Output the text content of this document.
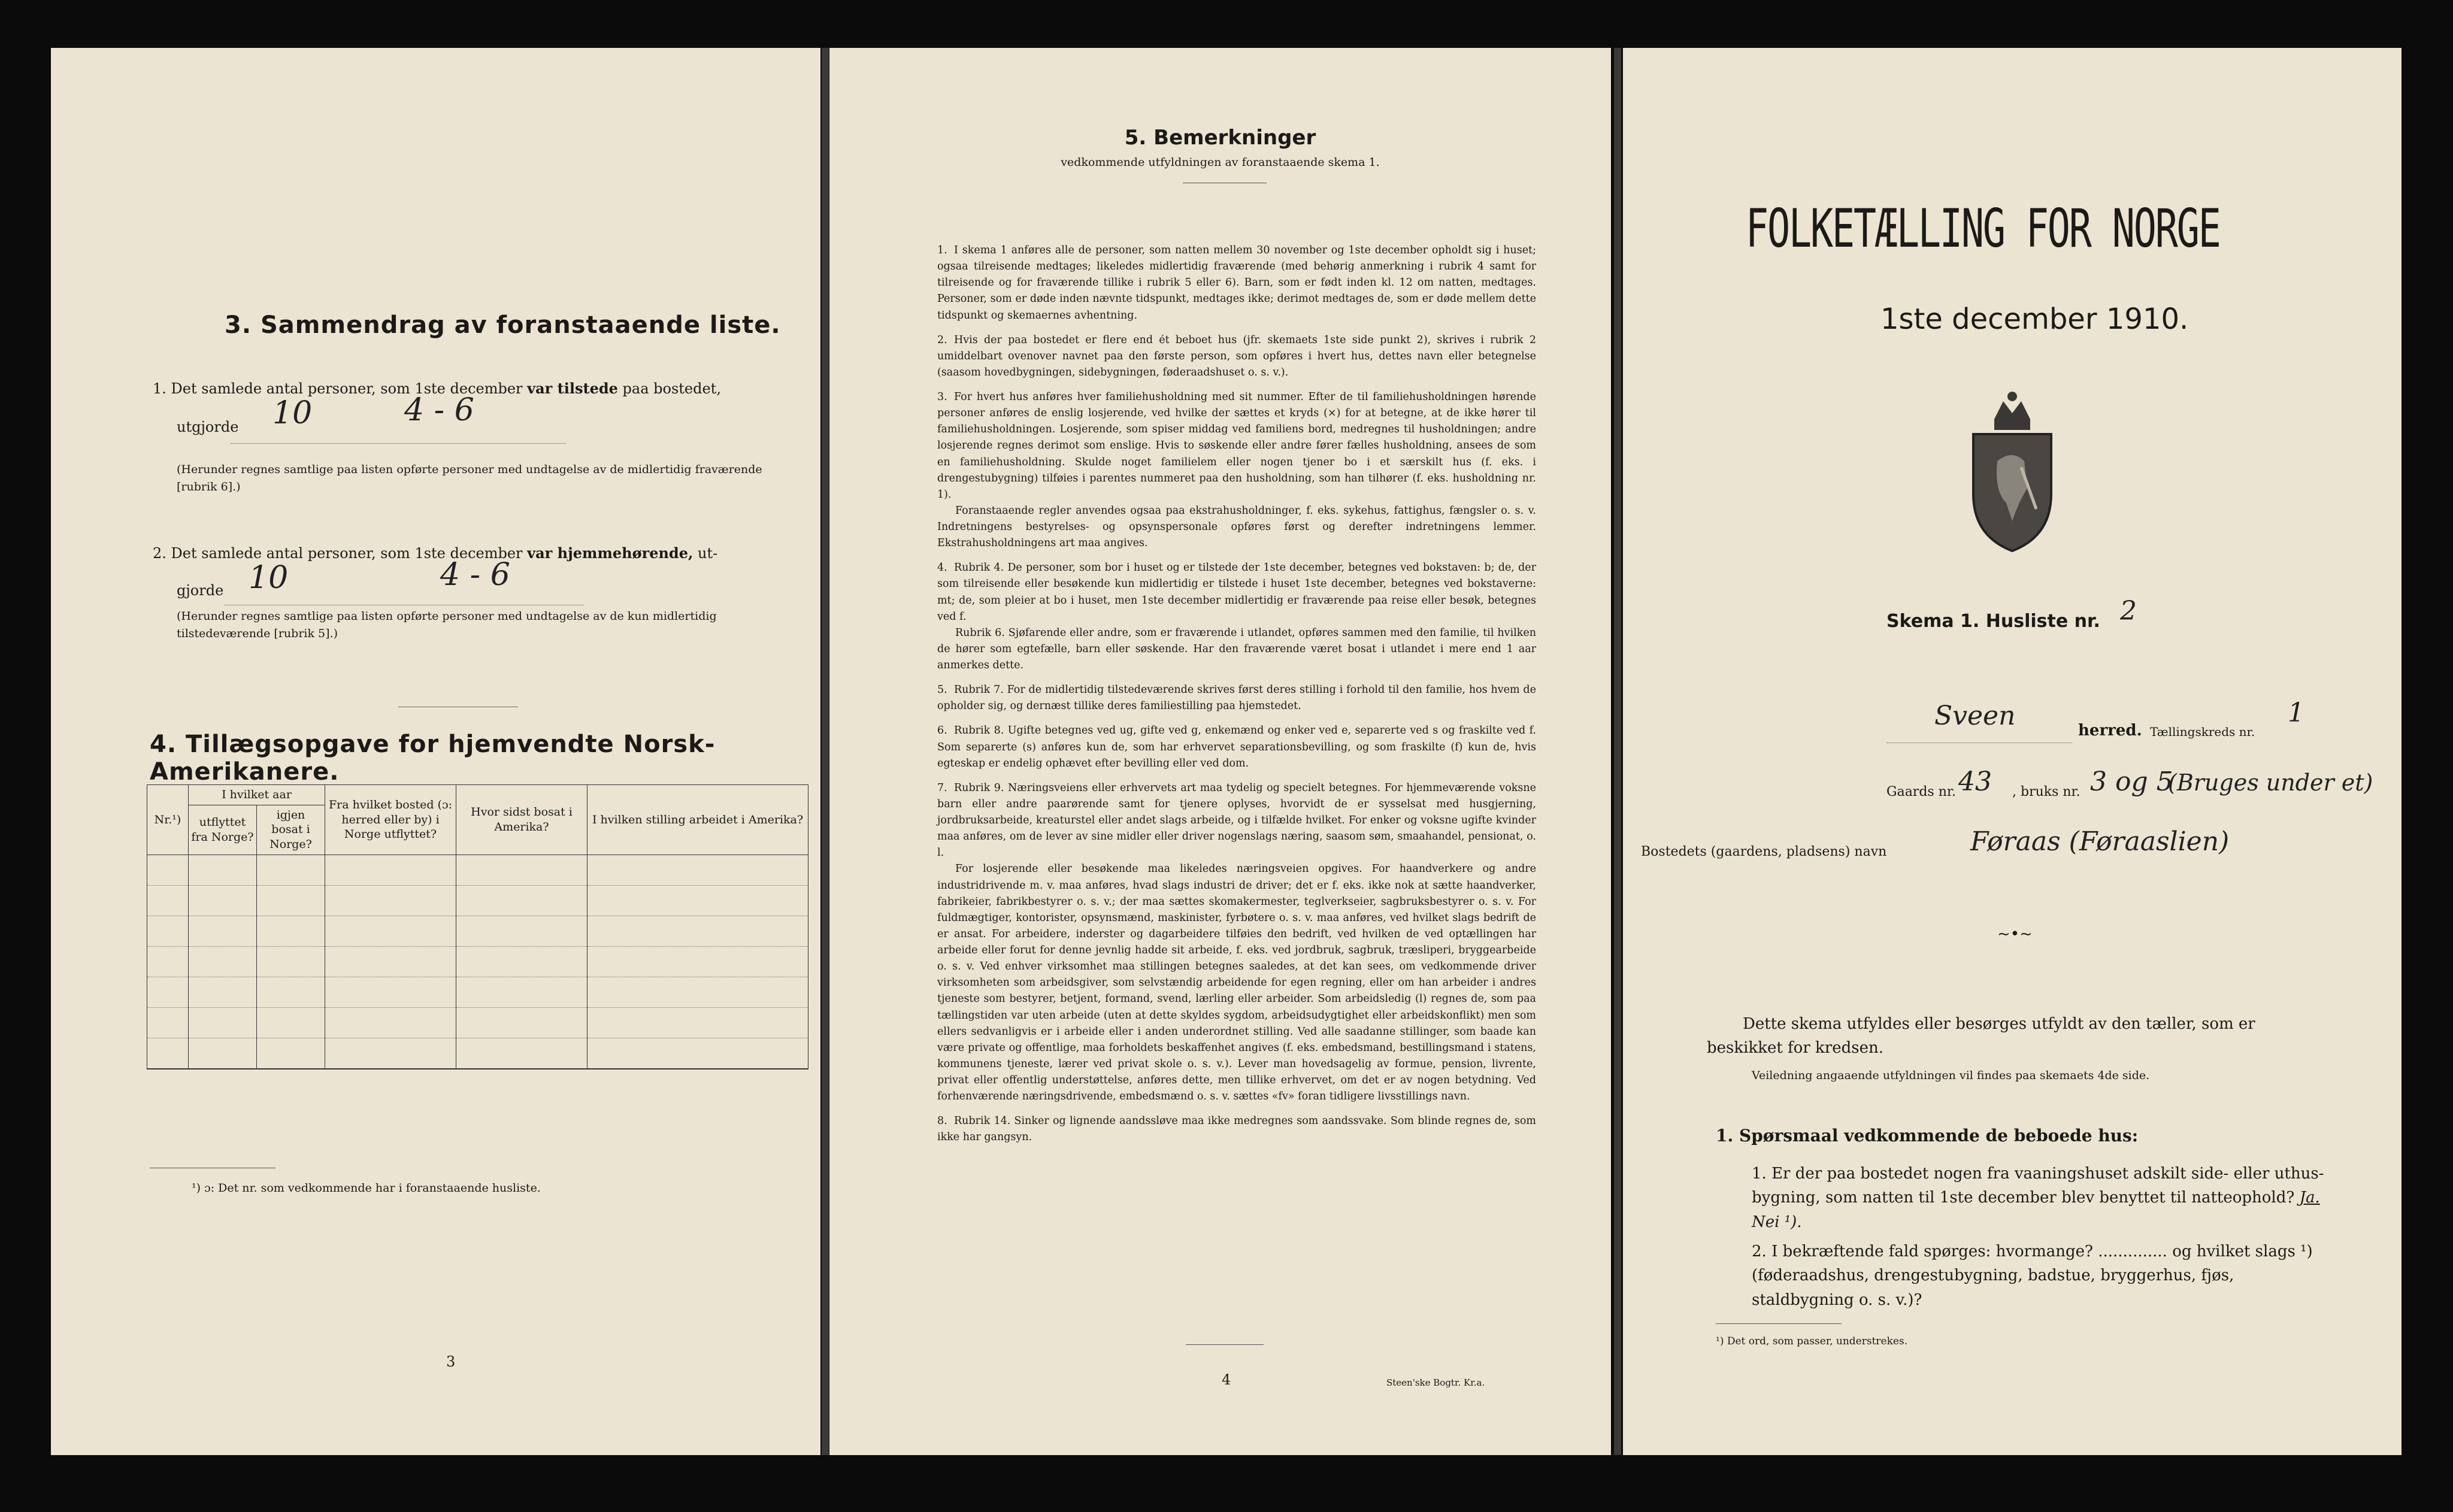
3. Sammendrag av foranstaaende liste.
1. Det samlede antal personer, som 1ste december var tilstede paa bostedet,
utgjorde 10	4 - 6
(Herunder regnes samtlige paa listen opførte personer med undtagelse av de midlertidig fraværende [rubrik 6].)
2. Det samlede antal personer, som 1ste december var hjemmehørende, ut-
gjorde 10	4 - 6
(Herunder regnes samtlige paa listen opførte personer med undtagelse av de kun midlertidig tilstedeværende [rubrik 5].)
4. Tillægsopgave for hjemvendte Norsk-Amerikanere.
Nr.¹)	I hvilket aar		Fra hvilket bosted (ɔ: herred eller by) i Norge utflyttet?	Hvor sidst bosat i Amerika?	I hvilken stilling arbeidet i Amerika?
	utflyttet fra Norge?	igjen bosat i Norge?			

¹) ɔ: Det nr. som vedkommende har i foranstaaende husliste.
3
5. Bemerkninger
vedkommende utfyldningen av foranstaaende skema 1.
1. I skema 1 anføres alle de personer, som natten mellem 30 november og 1ste december opholdt sig i huset; ogsaa tilreisende medtages; likeledes midlertidig fraværende (med behørig anmerkning i rubrik 4 samt for tilreisende og for fraværende tillike i rubrik 5 eller 6). Barn, som er født inden kl. 12 om natten, medtages. Personer, som er døde inden nævnte tidspunkt, medtages ikke; derimot medtages de, som er døde mellem dette tidspunkt og skemaernes avhentning.
2. Hvis der paa bostedet er flere end ét beboet hus (jfr. skemaets 1ste side punkt 2), skrives i rubrik 2 umiddelbart ovenover navnet paa den første person, som opføres i hvert hus, dettes navn eller betegnelse (saasom hovedbygningen, sidebygningen, føderaadshuset o. s. v.).
3. For hvert hus anføres hver familiehusholdning med sit nummer. Efter de til familiehusholdningen hørende personer anføres de enslig losjerende, ved hvilke der sættes et kryds (×) for at betegne, at de ikke hører til familiehusholdningen. Losjerende, som spiser middag ved familiens bord, medregnes til husholdningen; andre losjerende regnes derimot som enslige. Hvis to søskende eller andre fører fælles husholdning, ansees de som en familiehusholdning. Skulde noget familielem eller nogen tjener bo i et særskilt hus (f. eks. i drengestubygning) tilføies i parentes nummeret paa den husholdning, som han tilhører (f. eks. husholdning nr. 1).

Foranstaaende regler anvendes ogsaa paa ekstrahusholdninger, f. eks. sykehus, fattighus, fængsler o. s. v. Indretningens bestyrelses- og opsynspersonale opføres først og derefter indretningens lemmer. Ekstrahusholdningens art maa angives.

4. Rubrik 4. De personer, som bor i huset og er tilstede der 1ste december, betegnes ved bokstaven: b; de, der som tilreisende eller besøkende kun midlertidig er tilstede i huset 1ste december, betegnes ved bokstaverne: mt; de, som pleier at bo i huset, men 1ste december midlertidig er fraværende paa reise eller besøk, betegnes ved f.

Rubrik 6. Sjøfarende eller andre, som er fraværende i utlandet, opføres sammen med den familie, til hvilken de hører som egtefælle, barn eller søskende. Har den fraværende været bosat i utlandet i mere end 1 aar anmerkes dette.

5. Rubrik 7. For de midlertidig tilstedeværende skrives først deres stilling i forhold til den familie, hos hvem de opholder sig, og dernæst tillike deres familiestilling paa hjemstedet.
6. Rubrik 8. Ugifte betegnes ved ug, gifte ved g, enkemænd og enker ved e, separerte ved s og fraskilte ved f. Som separerte (s) anføres kun de, som har erhvervet separationsbevilling, og som fraskilte (f) kun de, hvis egteskap er endelig ophævet efter bevilling eller ved dom.
7. Rubrik 9. Næringsveiens eller erhvervets art maa tydelig og specielt betegnes. For hjemmeværende voksne barn eller andre paarørende samt for tjenere oplyses, hvorvidt de er sysselsat med husgjerning, jordbruksarbeide, kreaturstel eller andet slags arbeide, og i tilfælde hvilket. For enker og voksne ugifte kvinder maa anføres, om de lever av sine midler eller driver nogenslags næring, saasom søm, smaahandel, pensionat, o. l.

For losjerende eller besøkende maa likeledes næringsveien opgives. For haandverkere og andre industridrivende m. v. maa anføres, hvad slags industri de driver; det er f. eks. ikke nok at sætte haandverker, fabrikeier, fabrikbestyrer o. s. v.; der maa sættes skomakermester, teglverkseier, sagbruksbestyrer o. s. v. For fuldmægtiger, kontorister, opsynsmænd, maskinister, fyrbøtere o. s. v. maa anføres, ved hvilket slags bedrift de er ansat. For arbeidere, inderster og dagarbeidere tilføies den bedrift, ved hvilken de ved optællingen har arbeide eller forut for denne jevnlig hadde sit arbeide, f. eks. ved jordbruk, sagbruk, træsliperi, bryggearbeide o. s. v. Ved enhver virksomhet maa stillingen betegnes saaledes, at det kan sees, om vedkommende driver virksomheten som arbeidsgiver, som selvstændig arbeidende for egen regning, eller om han arbeider i andres tjeneste som bestyrer, betjent, formand, svend, lærling eller arbeider. Som arbeidsledig (l) regnes de, som paa tællingstiden var uten arbeide (uten at dette skyldes sygdom, arbeidsudygtighet eller arbeidskonflikt) men som ellers sedvanligvis er i arbeide eller i anden underordnet stilling. Ved alle saadanne stillinger, som baade kan være private og offentlige, maa forholdets beskaffenhet angives (f. eks. embedsmand, bestillingsmand i statens, kommunens tjeneste, lærer ved privat skole o. s. v.). Lever man hovedsagelig av formue, pension, livrente, privat eller offentlig understøttelse, anføres dette, men tillike erhvervet, om det er av nogen betydning. Ved forhenværende næringsdrivende, embedsmænd o. s. v. sættes «fv» foran tidligere livsstillings navn.

8. Rubrik 14. Sinker og lignende aandssløve maa ikke medregnes som aandssvake. Som blinde regnes de, som ikke har gangsyn.
4	Steen'ske Bogtr. Kr.a.
FOLKETÆLLING FOR NORGE
1ste december 1910.
Skema 1. Husliste nr. 2
Sveen	herred. Tællingskreds nr.
1
Gaards nr. 43 , bruks nr. 3 og 5
(Bruges under et)
Bostedets (gaardens, pladsens) navn	Føraas (Føraaslien)
~•~
Dette skema utfyldes eller besørges utfyldt av den tæller, som er beskikket for kredsen.
Veiledning angaaende utfyldningen vil findes paa skemaets 4de side.
1. Spørsmaal vedkommende de beboede hus:
1. Er der paa bostedet nogen fra vaaningshuset adskilt side- eller uthus-bygning, som natten til 1ste december blev benyttet til natteophold? Ja. Nei ¹).
2. I bekræftende fald spørges: hvormange? .............. og hvilket slags ¹) (føderaadshus, drengestubygning, badstue, bryggerhus, fjøs, staldbygning o. s. v.)?
¹) Det ord, som passer, understrekes.
